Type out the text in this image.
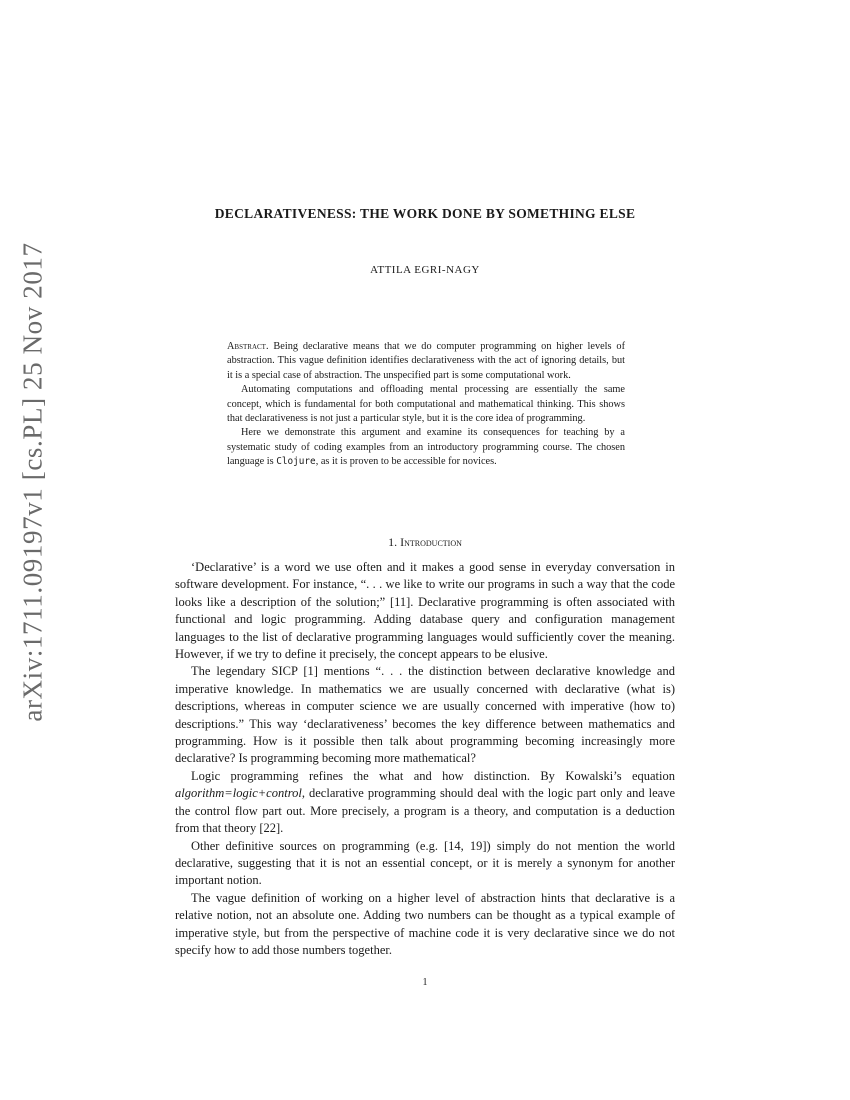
arXiv:1711.09197v1 [cs.PL] 25 Nov 2017
DECLARATIVENESS: THE WORK DONE BY SOMETHING ELSE
ATTILA EGRI-NAGY

Abstract. Being declarative means that we do computer programming on higher levels of abstraction. This vague definition identifies declarativeness with the act of ignoring details, but it is a special case of abstraction. The unspecified part is some computational work.

Automating computations and offloading mental processing are essentially the same concept, which is fundamental for both computational and mathematical thinking. This shows that declarativeness is not just a particular style, but it is the core idea of programming.

Here we demonstrate this argument and examine its consequences for teaching by a systematic study of coding examples from an introductory programming course. The chosen language is Clojure, as it is proven to be accessible for novices.

1. Introduction

‘Declarative’ is a word we use often and it makes a good sense in everyday conversation in software development. For instance, “. . . we like to write our programs in such a way that the code looks like a description of the solution;” [11]. Declarative programming is often associated with functional and logic programming. Adding database query and configuration management languages to the list of declarative programming languages would sufficiently cover the meaning. However, if we try to define it precisely, the concept appears to be elusive.

The legendary SICP [1] mentions “. . . the distinction between declarative knowledge and imperative knowledge. In mathematics we are usually concerned with declarative (what is) descriptions, whereas in computer science we are usually concerned with imperative (how to) descriptions.” This way ‘declarativeness’ becomes the key difference between mathematics and programming. How is it possible then talk about programming becoming increasingly more declarative? Is programming becoming more mathematical?

Logic programming refines the what and how distinction. By Kowalski’s equation algorithm=logic+control, declarative programming should deal with the logic part only and leave the control flow part out. More precisely, a program is a theory, and computation is a deduction from that theory [22].

Other definitive sources on programming (e.g. [14, 19]) simply do not mention the world declarative, suggesting that it is not an essential concept, or it is merely a synonym for another important notion.

The vague definition of working on a higher level of abstraction hints that declarative is a relative notion, not an absolute one. Adding two numbers can be thought as a typical example of imperative style, but from the perspective of machine code it is very declarative since we do not specify how to add those numbers together.

1
